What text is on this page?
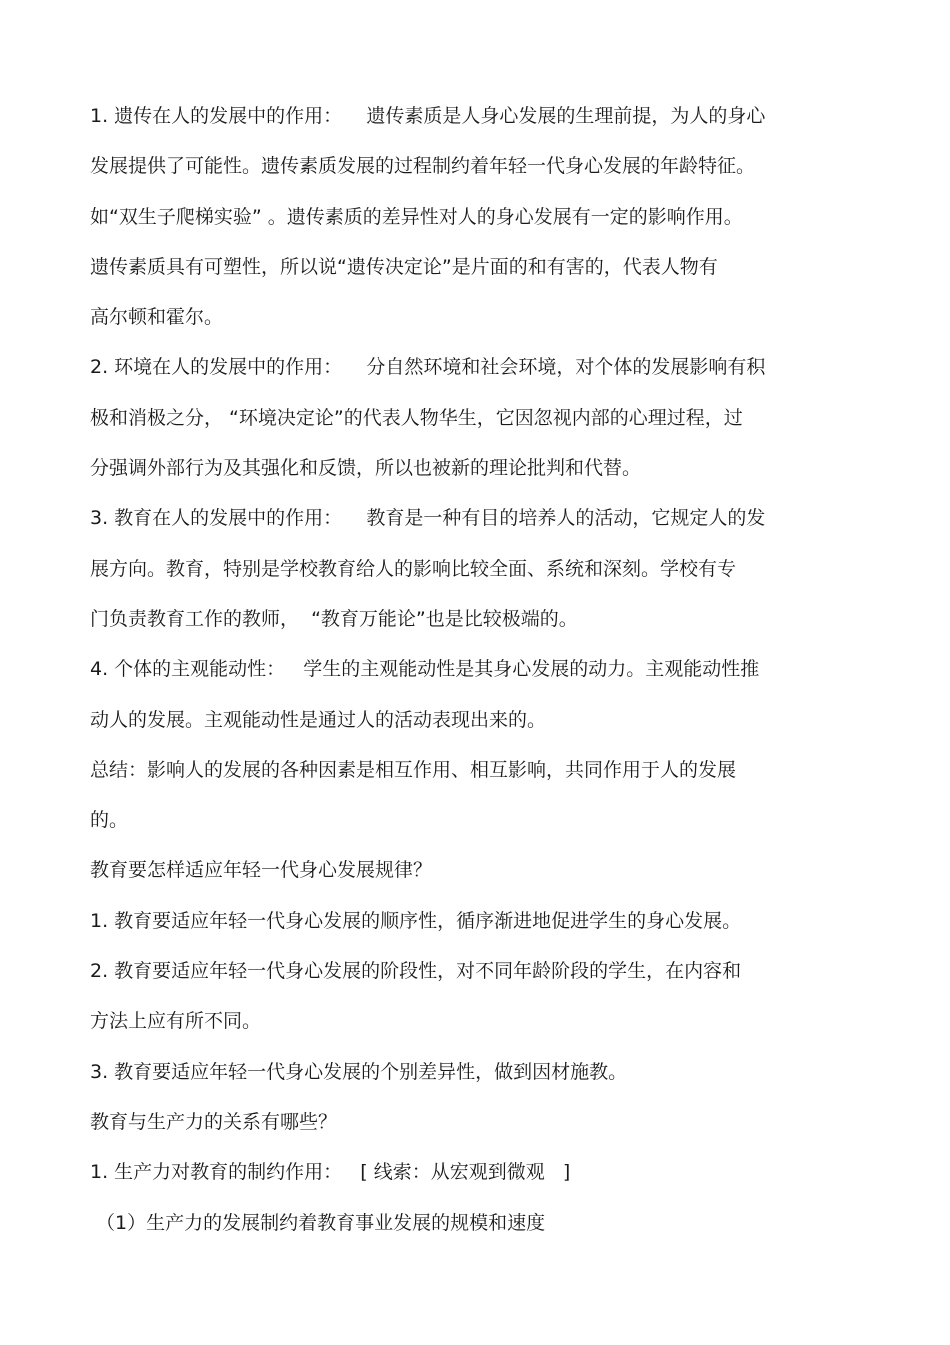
1. 遗传在人的发展中的作用：    遗传素质是人身心发展的生理前提，为人的身心
发展提供了可能性。遗传素质发展的过程制约着年轻一代身心发展的年龄特征。
如“双生子爬梯实验” 。遗传素质的差异性对人的身心发展有一定的影响作用。
遗传素质具有可塑性，所以说“遗传决定论”是片面的和有害的，代表人物有
高尔顿和霍尔。
2. 环境在人的发展中的作用：    分自然环境和社会环境，对个体的发展影响有积
极和消极之分， “环境决定论”的代表人物华生，它因忽视内部的心理过程，过
分强调外部行为及其强化和反馈，所以也被新的理论批判和代替。
3. 教育在人的发展中的作用：    教育是一种有目的培养人的活动，它规定人的发
展方向。教育，特别是学校教育给人的影响比较全面、系统和深刻。学校有专
门负责教育工作的教师，  “教育万能论”也是比较极端的。
4. 个体的主观能动性：   学生的主观能动性是其身心发展的动力。主观能动性推
动人的发展。主观能动性是通过人的活动表现出来的。
总结：影响人的发展的各种因素是相互作用、相互影响，共同作用于人的发展
的。
教育要怎样适应年轻一代身心发展规律？
1. 教育要适应年轻一代身心发展的顺序性，循序渐进地促进学生的身心发展。
2. 教育要适应年轻一代身心发展的阶段性，对不同年龄阶段的学生，在内容和
方法上应有所不同。
3. 教育要适应年轻一代身心发展的个别差异性，做到因材施教。
教育与生产力的关系有哪些？
1. 生产力对教育的制约作用：   [ 线索：从宏观到微观   ]
（1）生产力的发展制约着教育事业发展的规模和速度
